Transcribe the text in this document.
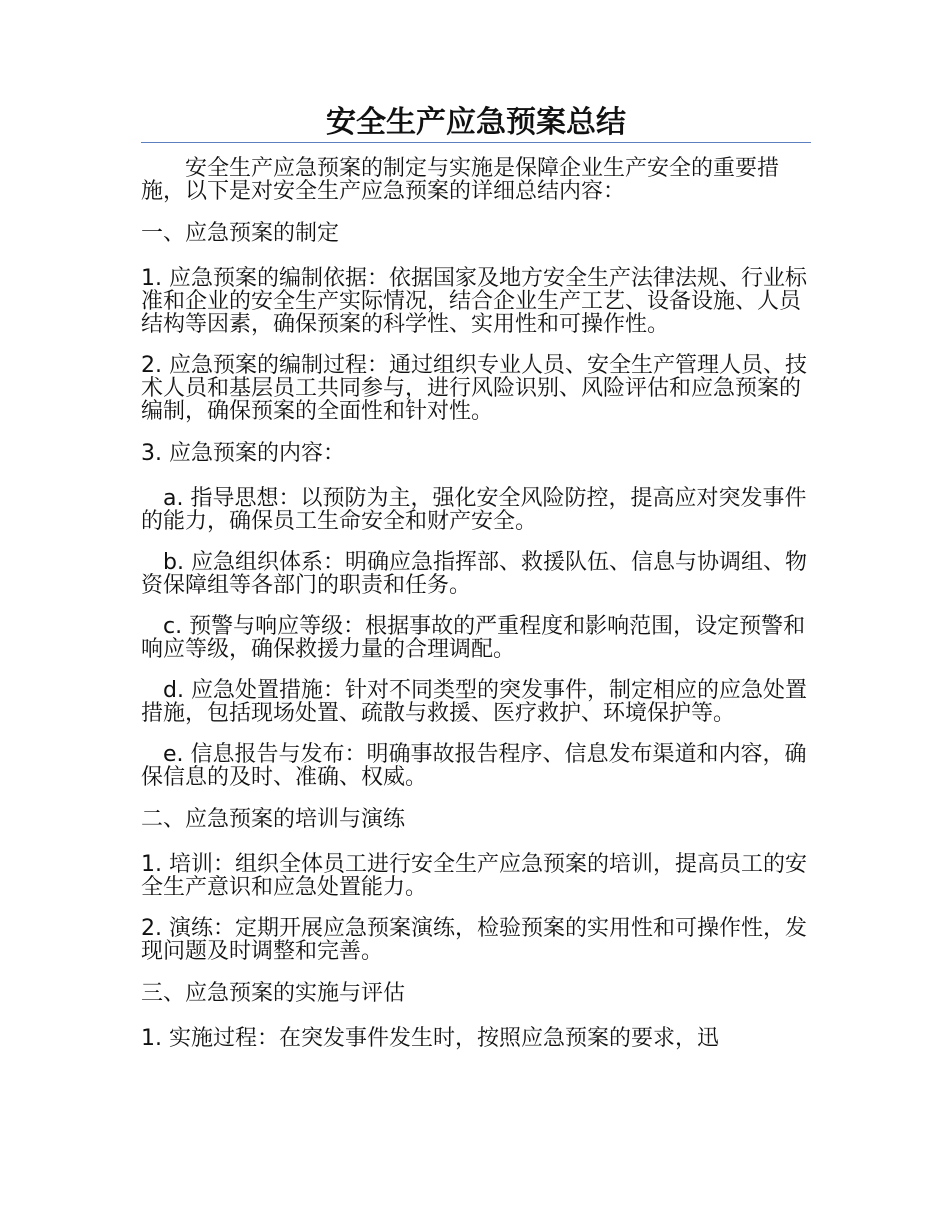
安全生产应急预案总结

安全生产应急预案的制定与实施是保障企业生产安全的重要措施，以下是对安全生产应急预案的详细总结内容：

一、应急预案的制定

1. 应急预案的编制依据：依据国家及地方安全生产法律法规、行业标准和企业的安全生产实际情况，结合企业生产工艺、设备设施、人员结构等因素，确保预案的科学性、实用性和可操作性。

2. 应急预案的编制过程：通过组织专业人员、安全生产管理人员、技术人员和基层员工共同参与，进行风险识别、风险评估和应急预案的编制，确保预案的全面性和针对性。

3. 应急预案的内容：

a. 指导思想：以预防为主，强化安全风险防控，提高应对突发事件的能力，确保员工生命安全和财产安全。

b. 应急组织体系：明确应急指挥部、救援队伍、信息与协调组、物资保障组等各部门的职责和任务。

c. 预警与响应等级：根据事故的严重程度和影响范围，设定预警和响应等级，确保救援力量的合理调配。

d. 应急处置措施：针对不同类型的突发事件，制定相应的应急处置措施，包括现场处置、疏散与救援、医疗救护、环境保护等。

e. 信息报告与发布：明确事故报告程序、信息发布渠道和内容，确保信息的及时、准确、权威。

二、应急预案的培训与演练

1. 培训：组织全体员工进行安全生产应急预案的培训，提高员工的安全生产意识和应急处置能力。

2. 演练：定期开展应急预案演练，检验预案的实用性和可操作性，发现问题及时调整和完善。

三、应急预案的实施与评估

1. 实施过程：在突发事件发生时，按照应急预案的要求，迅
